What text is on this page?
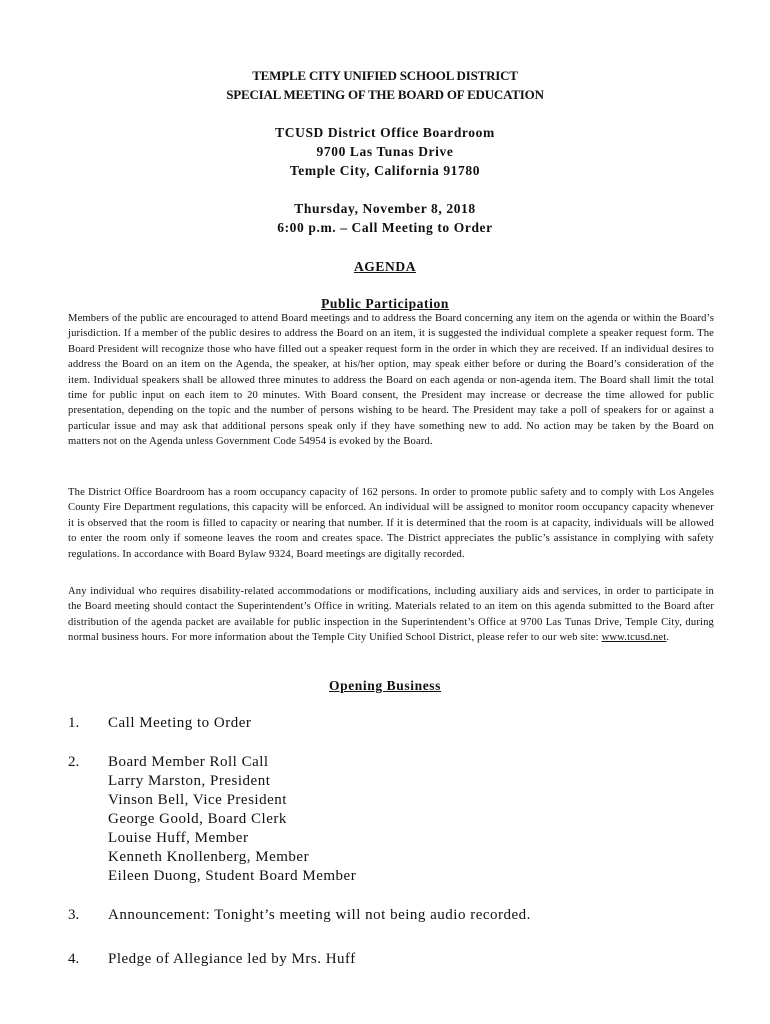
TEMPLE CITY UNIFIED SCHOOL DISTRICT
SPECIAL MEETING OF THE BOARD OF EDUCATION
TCUSD District Office Boardroom
9700 Las Tunas Drive
Temple City, California 91780
Thursday, November 8, 2018
6:00 p.m. – Call Meeting to Order
AGENDA
Public Participation
Members of the public are encouraged to attend Board meetings and to address the Board concerning any item on the agenda or within the Board’s jurisdiction. If a member of the public desires to address the Board on an item, it is suggested the individual complete a speaker request form. The Board President will recognize those who have filled out a speaker request form in the order in which they are received. If an individual desires to address the Board on an item on the Agenda, the speaker, at his/her option, may speak either before or during the Board’s consideration of the item. Individual speakers shall be allowed three minutes to address the Board on each agenda or non-agenda item. The Board shall limit the total time for public input on each item to 20 minutes. With Board consent, the President may increase or decrease the time allowed for public presentation, depending on the topic and the number of persons wishing to be heard. The President may take a poll of speakers for or against a particular issue and may ask that additional persons speak only if they have something new to add. No action may be taken by the Board on matters not on the Agenda unless Government Code 54954 is evoked by the Board.
The District Office Boardroom has a room occupancy capacity of 162 persons. In order to promote public safety and to comply with Los Angeles County Fire Department regulations, this capacity will be enforced. An individual will be assigned to monitor room occupancy capacity whenever it is observed that the room is filled to capacity or nearing that number. If it is determined that the room is at capacity, individuals will be allowed to enter the room only if someone leaves the room and creates space. The District appreciates the public’s assistance in complying with safety regulations. In accordance with Board Bylaw 9324, Board meetings are digitally recorded.
Any individual who requires disability-related accommodations or modifications, including auxiliary aids and services, in order to participate in the Board meeting should contact the Superintendent’s Office in writing. Materials related to an item on this agenda submitted to the Board after distribution of the agenda packet are available for public inspection in the Superintendent’s Office at 9700 Las Tunas Drive, Temple City, during normal business hours. For more information about the Temple City Unified School District, please refer to our web site: www.tcusd.net.
Opening Business
1. Call Meeting to Order
2. Board Member Roll Call
Larry Marston, President
Vinson Bell, Vice President
George Goold, Board Clerk
Louise Huff, Member
Kenneth Knollenberg, Member
Eileen Duong, Student Board Member
3. Announcement: Tonight’s meeting will not being audio recorded.
4. Pledge of Allegiance led by Mrs. Huff
